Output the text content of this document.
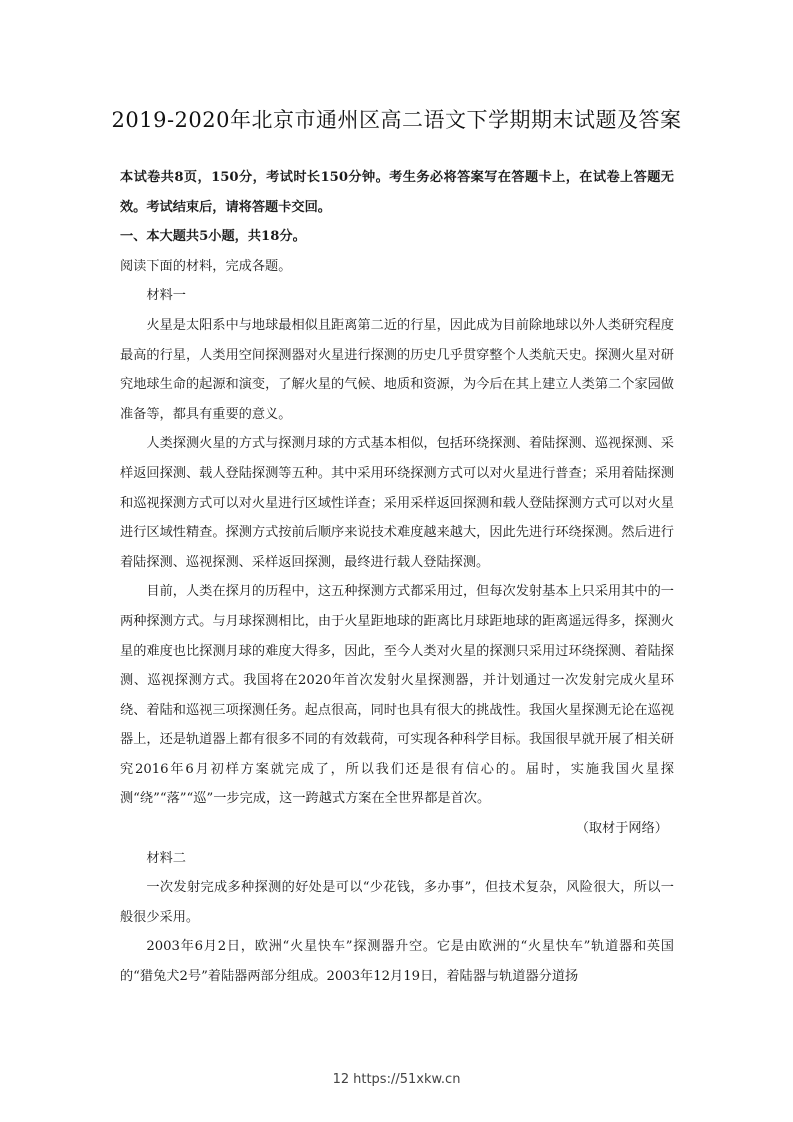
2019-2020年北京市通州区高二语文下学期期末试题及答案

本试卷共8页，150分，考试时长150分钟。考生务必将答案写在答题卡上，在试卷上答题无效。考试结束后，请将答题卡交回。

一、本大题共5小题，共18分。

阅读下面的材料，完成各题。

材料一

火星是太阳系中与地球最相似且距离第二近的行星，因此成为目前除地球以外人类研究程度最高的行星，人类用空间探测器对火星进行探测的历史几乎贯穿整个人类航天史。探测火星对研究地球生命的起源和演变，了解火星的气候、地质和资源，为今后在其上建立人类第二个家园做准备等，都具有重要的意义。

人类探测火星的方式与探测月球的方式基本相似，包括环绕探测、着陆探测、巡视探测、采样返回探测、载人登陆探测等五种。其中采用环绕探测方式可以对火星进行普查；采用着陆探测和巡视探测方式可以对火星进行区域性详查；采用采样返回探测和载人登陆探测方式可以对火星进行区域性精查。探测方式按前后顺序来说技术难度越来越大，因此先进行环绕探测。然后进行着陆探测、巡视探测、采样返回探测，最终进行载人登陆探测。

目前，人类在探月的历程中，这五种探测方式都采用过，但每次发射基本上只采用其中的一两种探测方式。与月球探测相比，由于火星距地球的距离比月球距地球的距离遥远得多，探测火星的难度也比探测月球的难度大得多，因此，至今人类对火星的探测只采用过环绕探测、着陆探测、巡视探测方式。我国将在2020年首次发射火星探测器，并计划通过一次发射完成火星环绕、着陆和巡视三项探测任务。起点很高，同时也具有很大的挑战性。我国火星探测无论在巡视器上，还是轨道器上都有很多不同的有效载荷，可实现各种科学目标。我国很早就开展了相关研究2016年6月初样方案就完成了，所以我们还是很有信心的。届时，实施我国火星探测“绕”“落”“巡”一步完成，这一跨越式方案在全世界都是首次。

（取材于网络）

材料二

一次发射完成多种探测的好处是可以“少花钱，多办事”，但技术复杂，风险很大，所以一般很少采用。

2003年6月2日，欧洲“火星快车”探测器升空。它是由欧洲的“火星快车”轨道器和英国的“猎兔犬2号”着陆器两部分组成。2003年12月19日，着陆器与轨道器分道扬

12 https://51xkw.cn
